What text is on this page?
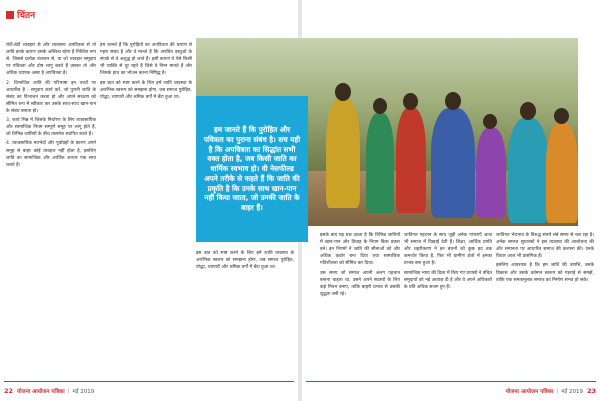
चिंतन

रोटी-बेटी व्यवहार से और व्यवसाय अपवित्रता से तो जाति इनके कारण उसके अस्तित्व रहेगा है निश्चित रूप से, जिससे प्रत्येक वंशावन से, या जो व्यवहार समुदाय पर पवित्रता और दोष लागू करते हैं उसका तो और अधिक व्यापक असर है अपवित्रता है।

2. विभाजित जाति की परिभाषा इन तथ्यों पर आधारित है - समुदाय कार्य करें, जो पुरानी जाति के संबंध का विभाजन करता हो और अपने संरक्षण को सीमित रूप में स्वीकार कर उसके साथ-साथ खान-पान के संबंध बनाता हो।

3. कार्य भिन्न में जिसके निर्धारण के लिए व्यावसायिक और सामाजिक नियम सम्पूर्ण समूह पर लागू होते हैं, जो विभिन्न जातियों के बीच तालमेल स्थापित करते हैं।

4. व्यावसायिक मतभेदों और पूर्वाग्रहों के कारण अपने समूह से बाहर कोई व्यवहार नहीं होता है, इसलिए जाति का सामाजिक और आर्थिक आधार एक साथ चलते हैं।

हम जानते हैं कि पुरोहितों का अपवित्रता की धारणा से गहरा संबंध है और वे मानते हैं कि अपवित्र वस्तुओं के संपर्क से वे अशुद्ध हो जाते हैं। इसी कारण वे ऐसे किसी भी व्यक्ति से दूर रहते हैं जिसे वे निम्न मानते हैं और जिसके हाथ का भोजन करना निषिद्ध है।

इस बात को स्पष्ट करने के लिए हमें जाति व्यवस्था के आरंभिक स्वरूप को समझना होगा, जब समाज पुरोहित, योद्धा, व्यापारी और श्रमिक वर्गों में बँटा हुआ था।

इस बात को स्पष्ट करने के लिए हमें जाति व्यवस्था के आरंभिक स्वरूप को समझना होगा, जब समाज पुरोहित, योद्धा, व्यापारी और श्रमिक वर्गों में बँटा हुआ था।

हम जानते हैं कि पुरोहित और पवित्रता का पुराना संबंध है। सच यही है कि अपवित्रता का सिद्धांत सभी वक्त होता है, जब किसी जाति का धार्मिक स्वभाव हो। वी नेसफील्ड अपने तरीके से कहते हैं कि जाति की प्रकृति है कि उनके साथ खान-पान नहीं किया जाता, जो उनकी जाति के बाहर हैं।

इसके बाद यह प्रश्न उठता है कि विभिन्न जातियों में खान-पान और विवाह के नियम किस प्रकार बने। इन नियमों ने जाति की सीमाओं को और अधिक कठोर बना दिया तथा सामाजिक गतिशीलता को सीमित कर दिया।

उस समय जो समाज अपनी अलग पहचान बनाना चाहता था, उसने अपने सदस्यों के लिए कड़े नियम बनाए, ताकि बाहरी प्रभाव से उसकी शुद्धता बनी रहे।

जातिगत पहचान के साथ जुड़ी अनेक परंपराएँ आज भी समाज में दिखाई देती हैं। शिक्षा, आर्थिक प्रगति और शहरीकरण ने इन बंधनों को कुछ हद तक कमजोर किया है, फिर भी ग्रामीण क्षेत्रों में इनका प्रभाव बना हुआ है।

सामाजिक न्याय की दिशा में किए गए प्रयासों ने वंचित समुदायों को नई आवाज़ दी है और वे अपने अधिकारों के प्रति अधिक सजग हुए हैं।

जातिगत भेदभाव के विरुद्ध संघर्ष लंबे समय से चल रहा है। अनेक समाज सुधारकों ने इस व्यवस्था की आलोचना की और समानता पर आधारित समाज की कल्पना की। उनके विचार आज भी प्रासंगिक हैं।

इसलिए आवश्यक है कि हम जाति की उत्पत्ति, उसके विकास और उसके वर्तमान स्वरूप को गहराई से समझें, ताकि एक समतामूलक समाज का निर्माण संभव हो सके।

22 योजना आयोजन पत्रिका | मई 2019	योजना आयोजन पत्रिका | मई 2019 23
